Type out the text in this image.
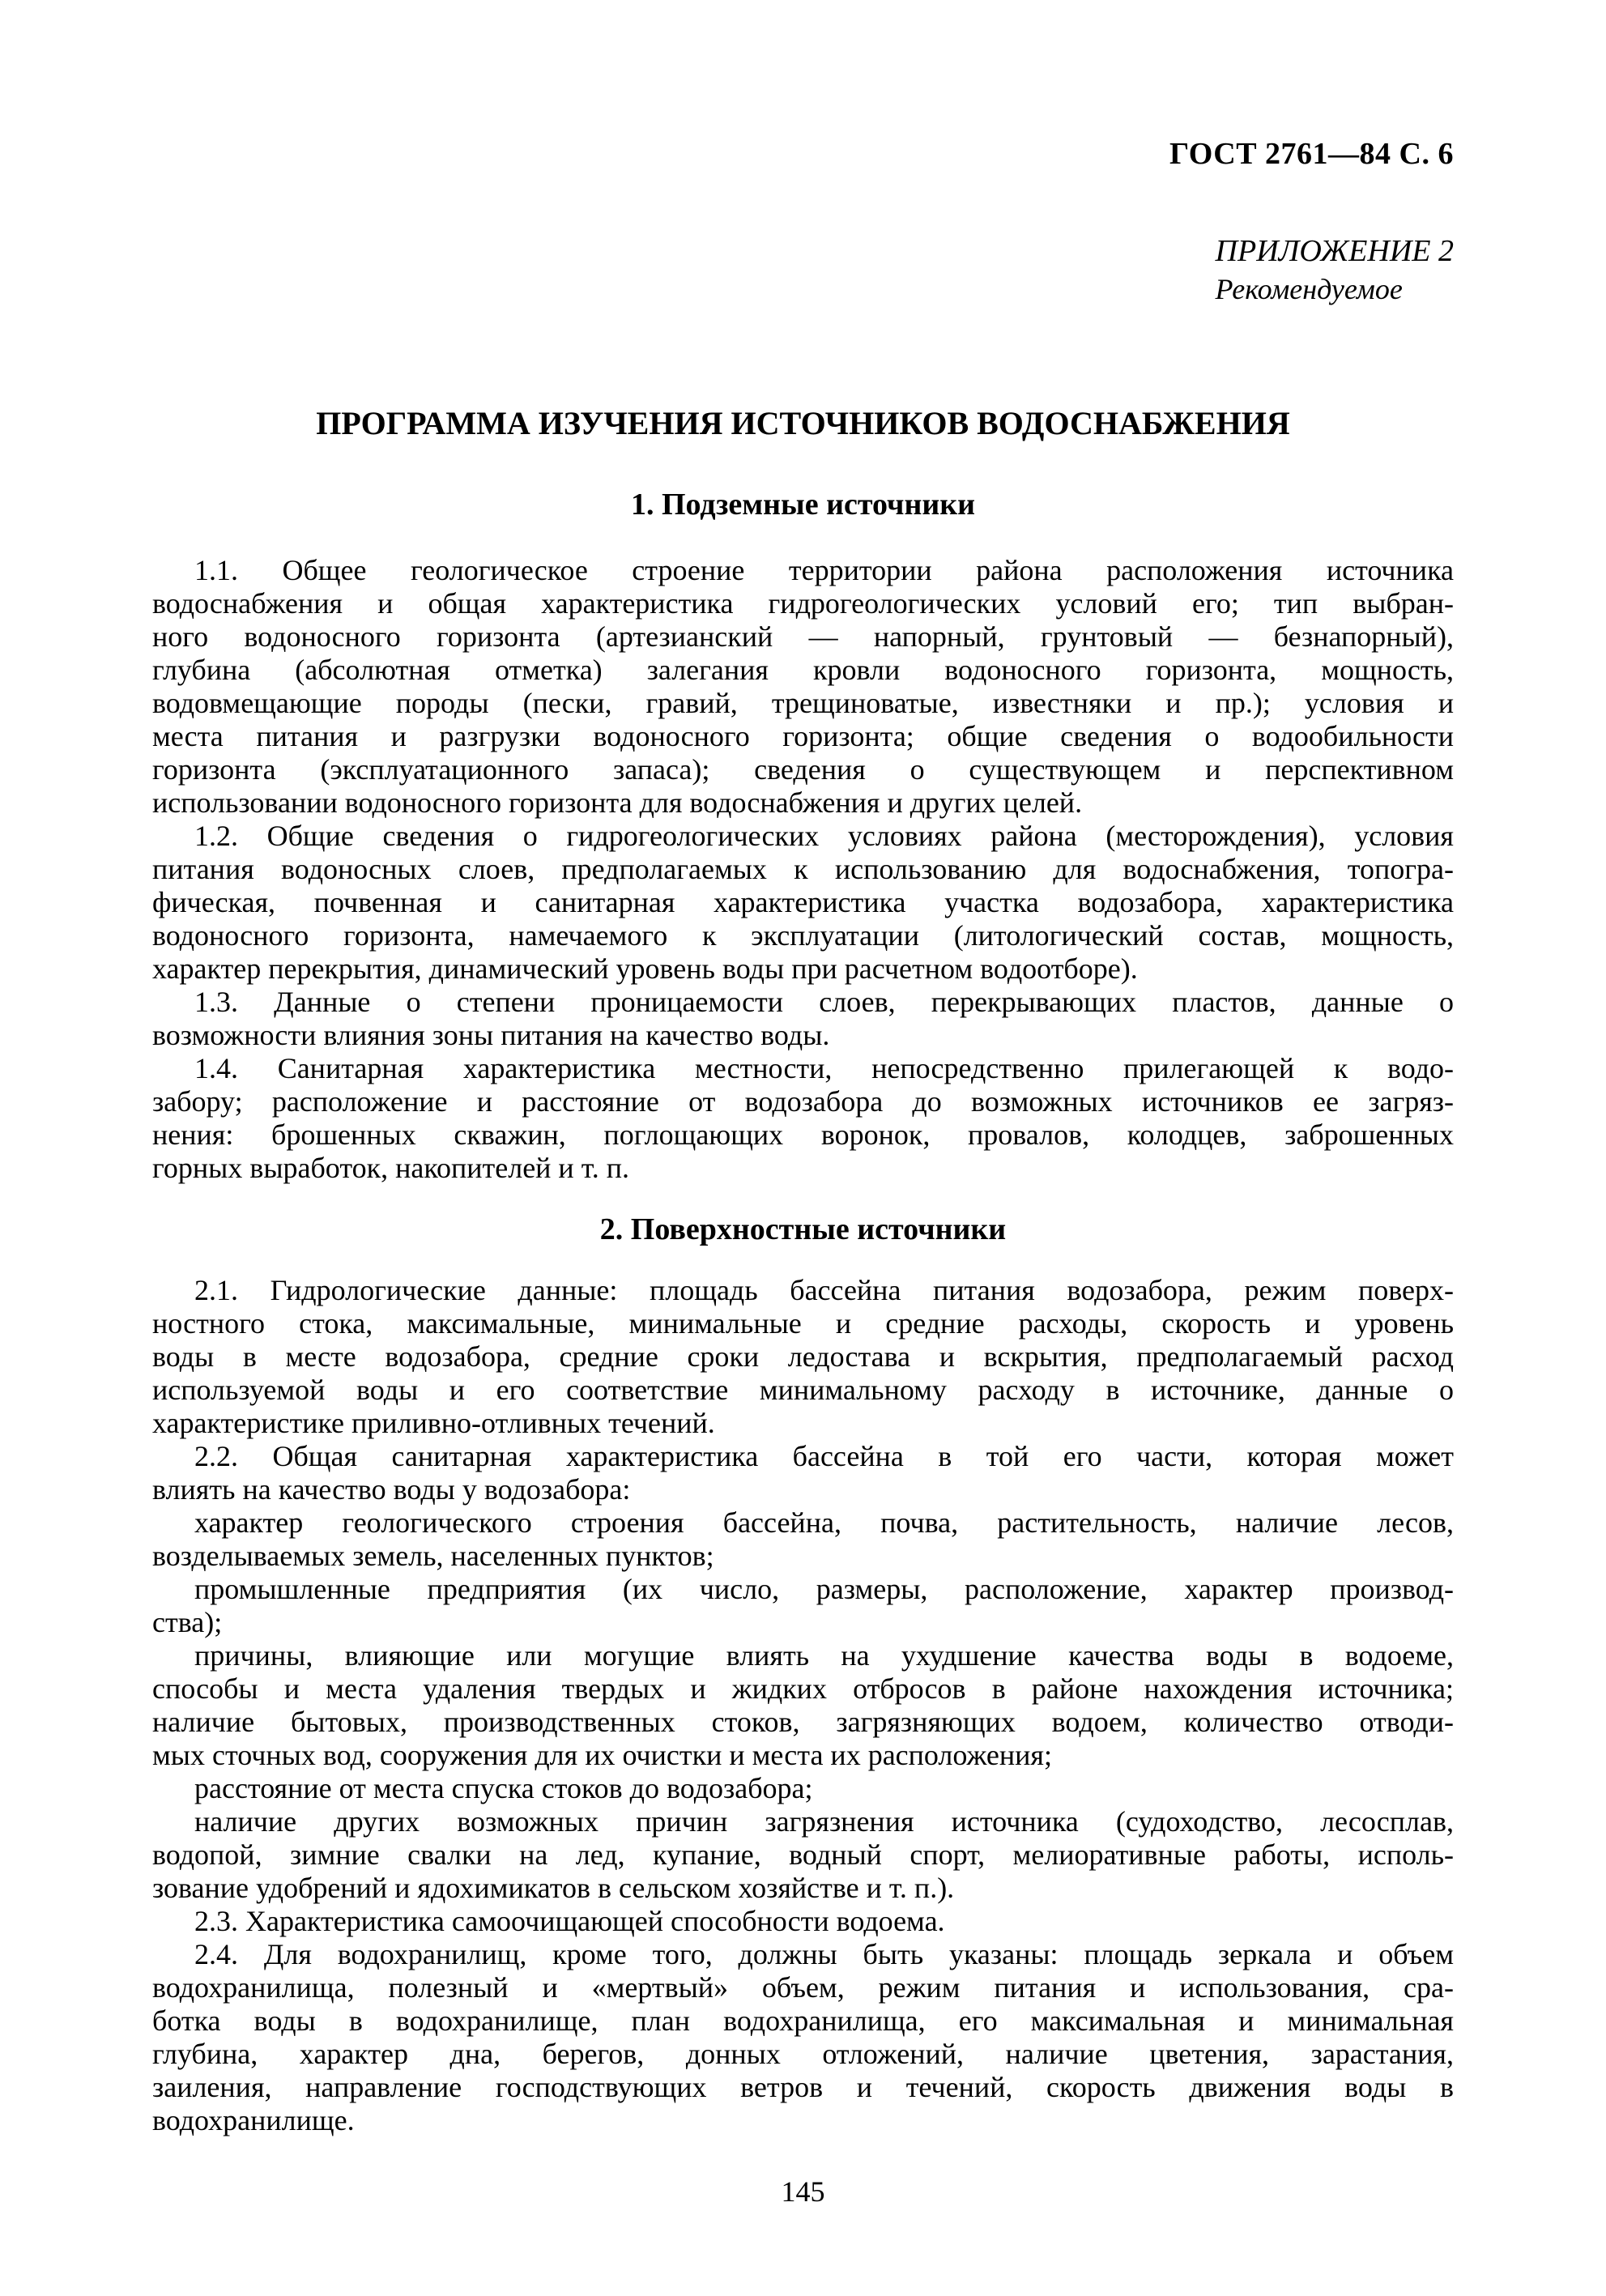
ГОСТ 2761—84 С. 6
ПРИЛОЖЕНИЕ 2
Рекомендуемое
ПРОГРАММА ИЗУЧЕНИЯ ИСТОЧНИКОВ ВОДОСНАБЖЕНИЯ
1. Подземные источники
1.1. Общее геологическое строение территории района расположения источника
водоснабжения и общая характеристика гидрогеологических условий его; тип выбран-
ного водоносного горизонта (артезианский — напорный, грунтовый — безнапорный),
глубина (абсолютная отметка) залегания кровли водоносного горизонта, мощность,
водовмещающие породы (пески, гравий, трещиноватые, известняки и пр.); условия и
места питания и разгрузки водоносного горизонта; общие сведения о водообильности
горизонта (эксплуатационного запаса); сведения о существующем и перспективном
использовании водоносного горизонта для водоснабжения и других целей.
1.2. Общие сведения о гидрогеологических условиях района (месторождения), условия
питания водоносных слоев, предполагаемых к использованию для водоснабжения, топогра-
фическая, почвенная и санитарная характеристика участка водозабора, характеристика
водоносного горизонта, намечаемого к эксплуатации (литологический состав, мощность,
характер перекрытия, динамический уровень воды при расчетном водоотборе).
1.3. Данные о степени проницаемости слоев, перекрывающих пластов, данные о
возможности влияния зоны питания на качество воды.
1.4. Санитарная характеристика местности, непосредственно прилегающей к водо-
забору; расположение и расстояние от водозабора до возможных источников ее загряз-
нения: брошенных скважин, поглощающих воронок, провалов, колодцев, заброшенных
горных выработок, накопителей и т. п.
2. Поверхностные источники
2.1. Гидрологические данные: площадь бассейна питания водозабора, режим поверх-
ностного стока, максимальные, минимальные и средние расходы, скорость и уровень
воды в месте водозабора, средние сроки ледостава и вскрытия, предполагаемый расход
используемой воды и его соответствие минимальному расходу в источнике, данные о
характеристике приливно-отливных течений.
2.2. Общая санитарная характеристика бассейна в той его части, которая может
влиять на качество воды у водозабора:
характер геологического строения бассейна, почва, растительность, наличие лесов,
возделываемых земель, населенных пунктов;
промышленные предприятия (их число, размеры, расположение, характер производ-
ства);
причины, влияющие или могущие влиять на ухудшение качества воды в водоеме,
способы и места удаления твердых и жидких отбросов в районе нахождения источника;
наличие бытовых, производственных стоков, загрязняющих водоем, количество отводи-
мых сточных вод, сооружения для их очистки и места их расположения;
расстояние от места спуска стоков до водозабора;
наличие других возможных причин загрязнения источника (судоходство, лесосплав,
водопой, зимние свалки на лед, купание, водный спорт, мелиоративные работы, исполь-
зование удобрений и ядохимикатов в сельском хозяйстве и т. п.).
2.3. Характеристика самоочищающей способности водоема.
2.4. Для водохранилищ, кроме того, должны быть указаны: площадь зеркала и объем
водохранилища, полезный и «мертвый» объем, режим питания и использования, сра-
ботка воды в водохранилище, план водохранилища, его максимальная и минимальная
глубина, характер дна, берегов, донных отложений, наличие цветения, зарастания,
заиления, направление господствующих ветров и течений, скорость движения воды в
водохранилище.
145
